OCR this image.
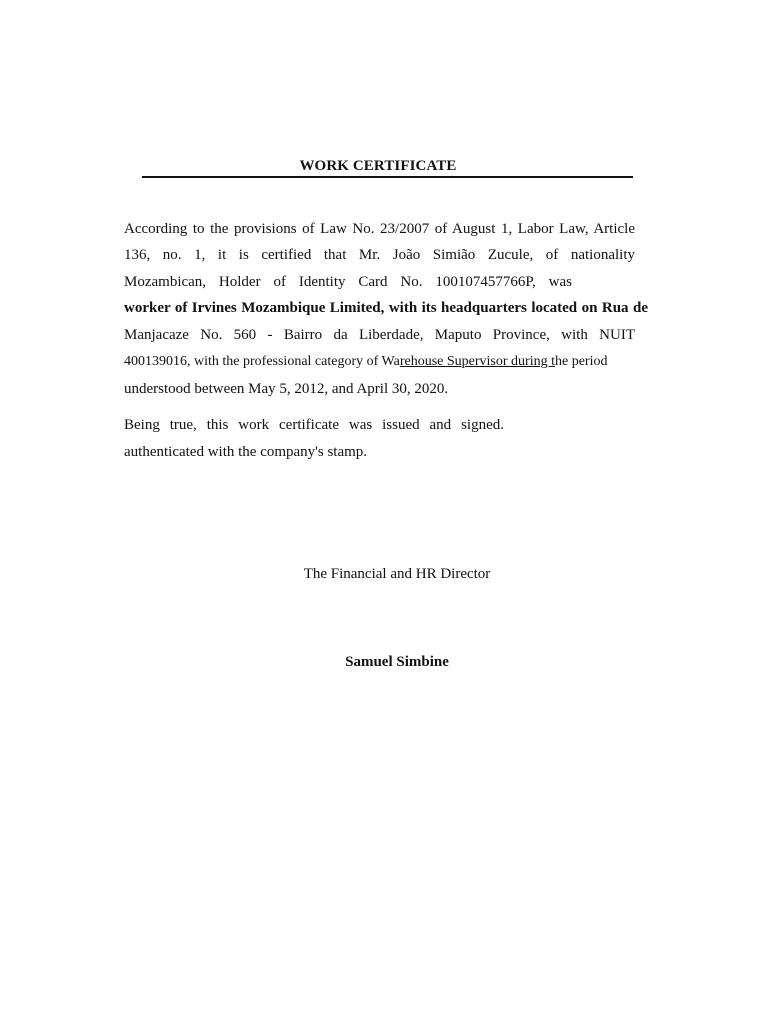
WORK CERTIFICATE
According to the provisions of Law No. 23/2007 of August 1, Labor Law, Article
136, no. 1, it is certified that Mr. João Simião Zucule, of nationality
Mozambican, Holder of Identity Card No. 100107457766P, was
worker of Irvines Mozambique Limited, with its headquarters located on Rua de
Manjacaze No. 560 - Bairro da Liberdade, Maputo Province, with NUIT
400139016, with the professional category of Warehouse Supervisor during the period
understood between May 5, 2012, and April 30, 2020.
Being true, this work certificate was issued and signed.
authenticated with the company's stamp.
The Financial and HR Director
Samuel Simbine
